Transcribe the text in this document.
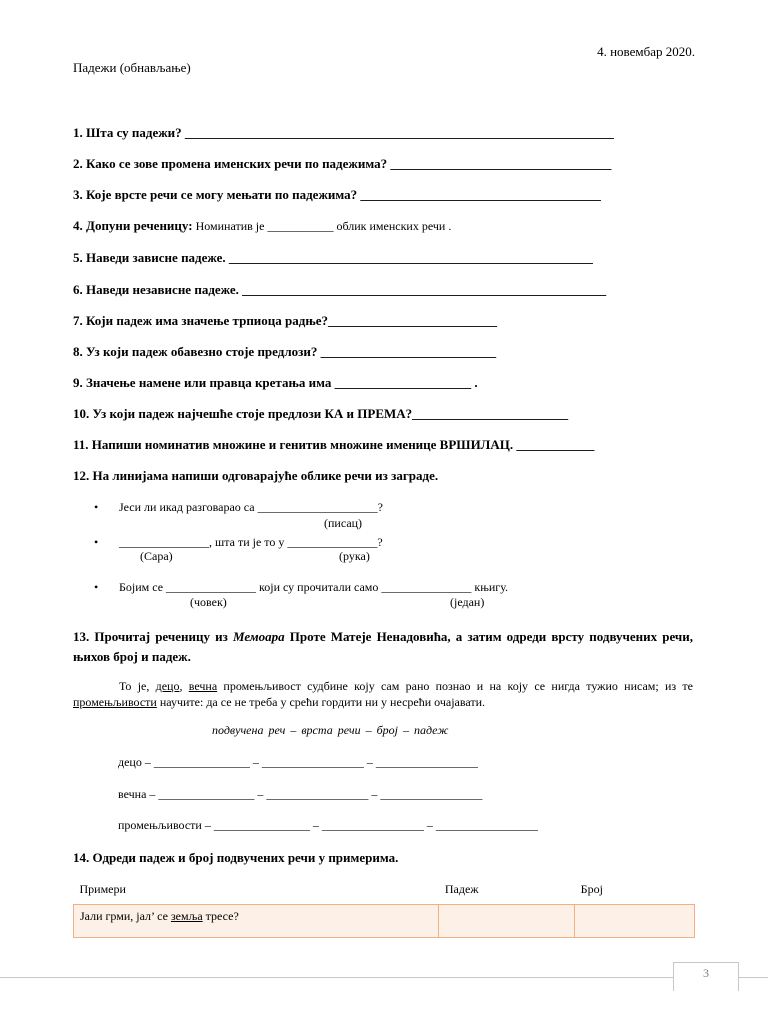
4. новембар 2020.
Падежи (обнављање)
1. Шта су падежи? __________________________________________________________________
2. Како се зове промена именских речи по падежима? __________________________________
3. Које врсте речи се могу мењати по падежима? _____________________________________
4. Допуни реченицу: Номинатив је ___________ облик именских речи .
5. Наведи зависне падеже. ________________________________________________________
6. Наведи независне падеже. ________________________________________________________
7. Који падеж има значење трпиоца радње?__________________________
8. Уз који падеж обавезно стоје предлози? ___________________________
9. Значење намене или правца кретања има _____________________ .
10. Уз који падеж најчешће стоје предлози КА и ПРЕМА?________________________
11. Напиши номинатив множине и генитив множине именице ВРШИЛАЦ. ____________
12. На линијама напиши одговарајуће облике речи из заграде.
• Јеси ли икад разговарао са ____________________?
(писац)
• _______________, шта ти је то у _______________?
(Сара)	(рука)
• Бојим се _______________ који су прочитали само _______________ књигу.
(човек)	(један)
13. Прочитај реченицу из Мемоара Проте Матеје Ненадовића, а затим одреди врсту подвучених речи, њихов број и падеж.
То је, децо, вечна промењљивост судбине коју сам рано познао и на коју се нигда тужио нисам; из те промењљивости научите: да се не треба у срећи гордити ни у несрећи очајавати.
подвучена реч – врста речи – број – падеж
децо – ________________ – _________________ – _________________
вечна – ________________ – _________________ – _________________
промењљивости – ________________ – _________________ – _________________
14. Одреди падеж и број подвучених речи у примерима.
Примери	Падеж	Број
Јали грми, јал’ се земља тресе?		
3
